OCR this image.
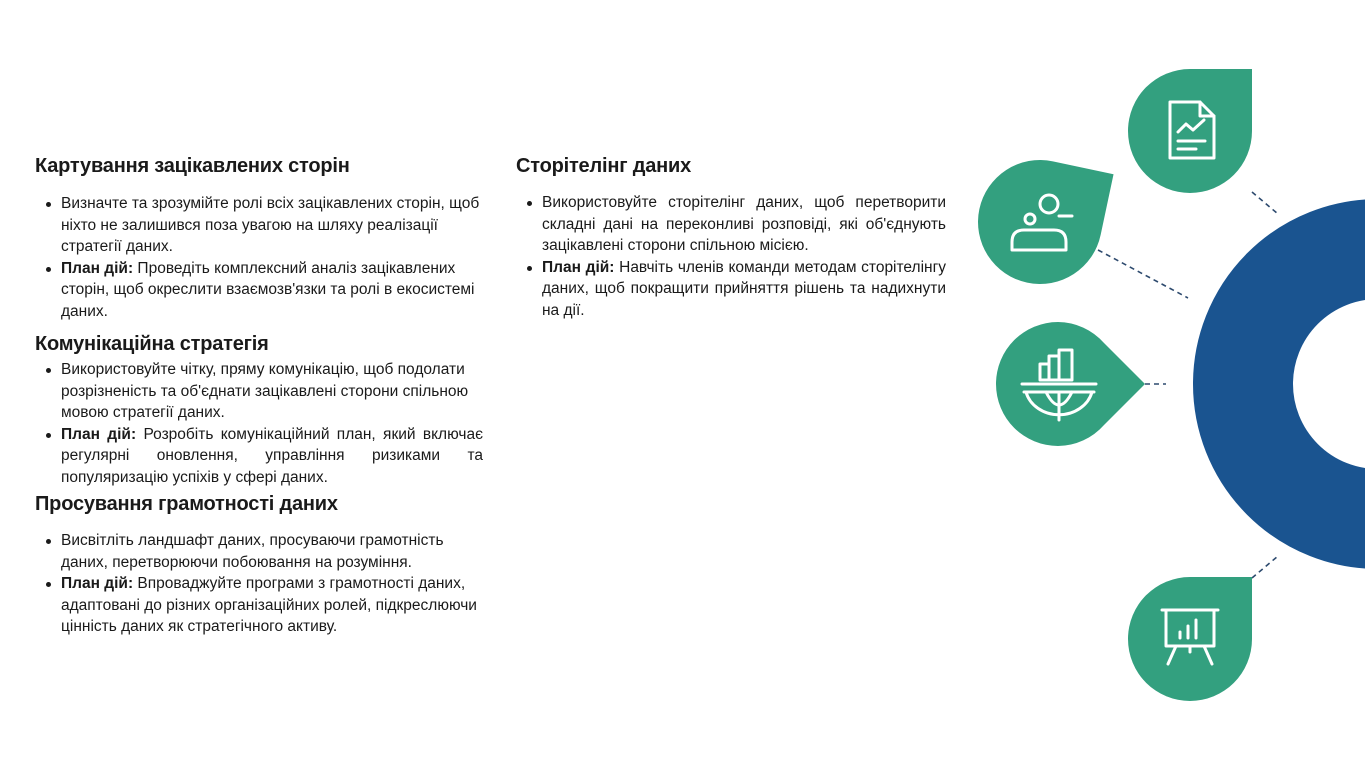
Картування зацікавлених сторін
Визначте та зрозумійте ролі всіх зацікавлених сторін, щоб ніхто не залишився поза увагою на шляху реалізації стратегії даних.
План дій: Проведіть комплексний аналіз зацікавлених сторін, щоб окреслити взаємозв'язки та ролі в екосистемі даних.
Комунікаційна стратегія
Використовуйте чітку, пряму комунікацію, щоб подолати розрізненість та об'єднати зацікавлені сторони спільною мовою стратегії даних.
План дій: Розробіть комунікаційний план, який включає регулярні оновлення, управління ризиками та популяризацію успіхів у сфері даних.
Просування грамотності даних
Висвітліть ландшафт даних, просуваючи грамотність даних, перетворюючи побоювання на розуміння.
План дій: Впроваджуйте програми з грамотності даних, адаптовані до різних організаційних ролей, підкреслюючи цінність даних як стратегічного активу.
Сторітелінг даних
Використовуйте сторітелінг даних, щоб перетворити складні дані на переконливі розповіді, які об'єднують зацікавлені сторони спільною місією.
План дій: Навчіть членів команди методам сторітелінгу даних, щоб покращити прийняття рішень та надихнути на дії.
